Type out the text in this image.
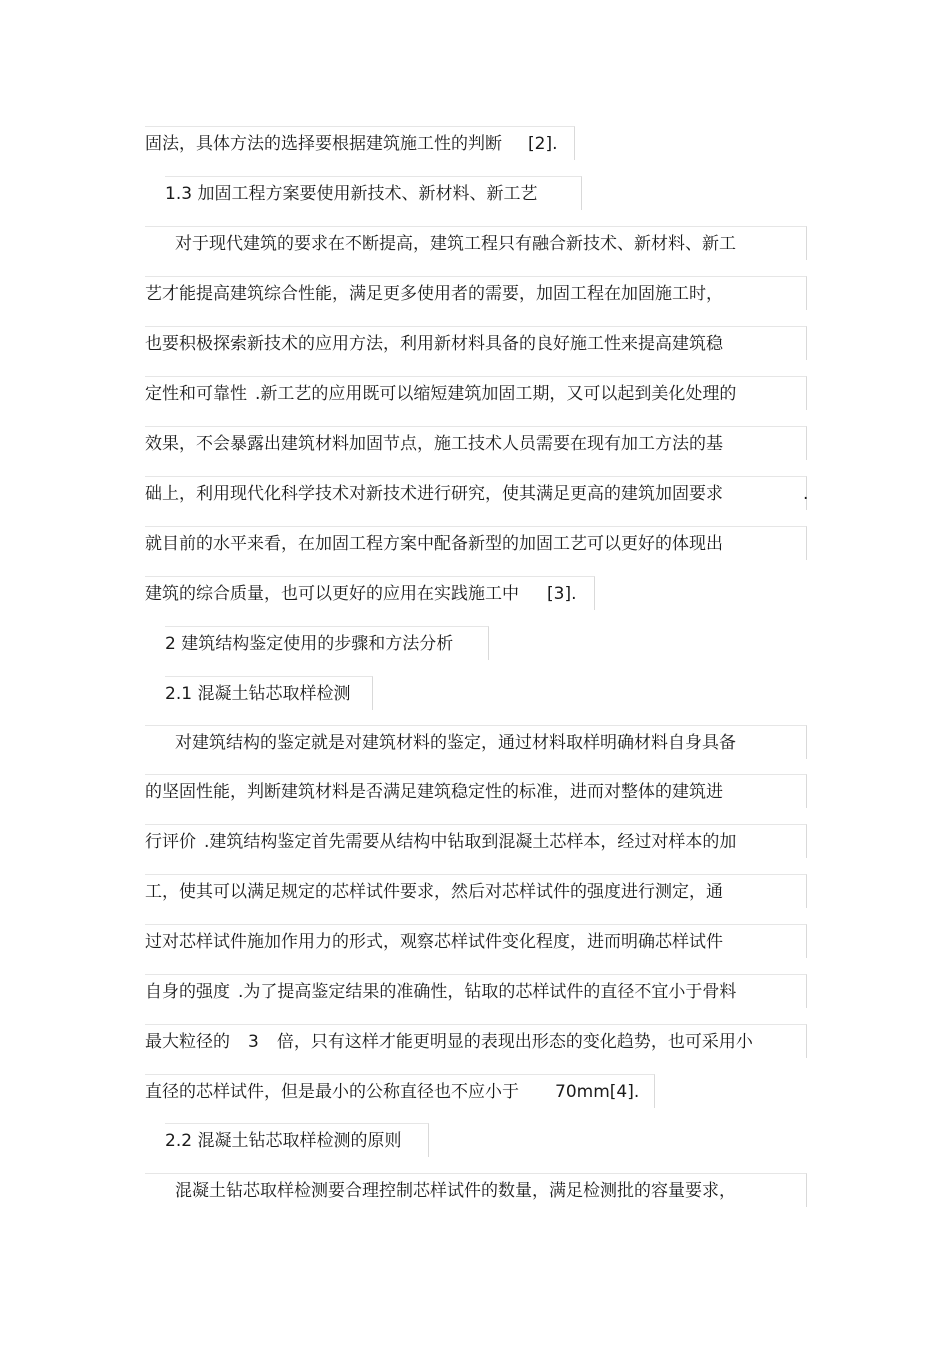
固法，具体方法的选择要根据建筑施工性的判断 [2].
1.3 加固工程方案要使用新技术、新材料、新工艺
对于现代建筑的要求在不断提高，建筑工程只有融合新技术、新材料、新工
艺才能提高建筑综合性能，满足更多使用者的需要，加固工程在加固施工时，
也要积极探索新技术的应用方法，利用新材料具备的良好施工性来提高建筑稳
定性和可靠性 .新工艺的应用既可以缩短建筑加固工期，又可以起到美化处理的
效果，不会暴露出建筑材料加固节点，施工技术人员需要在现有加工方法的基
础上，利用现代化科学技术对新技术进行研究，使其满足更高的建筑加固要求	.
就目前的水平来看，在加固工程方案中配备新型的加固工艺可以更好的体现出
建筑的综合质量，也可以更好的应用在实践施工中 [3].
2 建筑结构鉴定使用的步骤和方法分析
2.1 混凝土钻芯取样检测
对建筑结构的鉴定就是对建筑材料的鉴定，通过材料取样明确材料自身具备
的坚固性能，判断建筑材料是否满足建筑稳定性的标准，进而对整体的建筑进
行评价 .建筑结构鉴定首先需要从结构中钻取到混凝土芯样本，经过对样本的加
工，使其可以满足规定的芯样试件要求，然后对芯样试件的强度进行测定，通
过对芯样试件施加作用力的形式，观察芯样试件变化程度，进而明确芯样试件
自身的强度 .为了提高鉴定结果的准确性，钻取的芯样试件的直径不宜小于骨料
最大粒径的 3 倍，只有这样才能更明显的表现出形态的变化趋势，也可采用小
直径的芯样试件，但是最小的公称直径也不应小于 70mm[4].
2.2 混凝土钻芯取样检测的原则
混凝土钻芯取样检测要合理控制芯样试件的数量，满足检测批的容量要求，
